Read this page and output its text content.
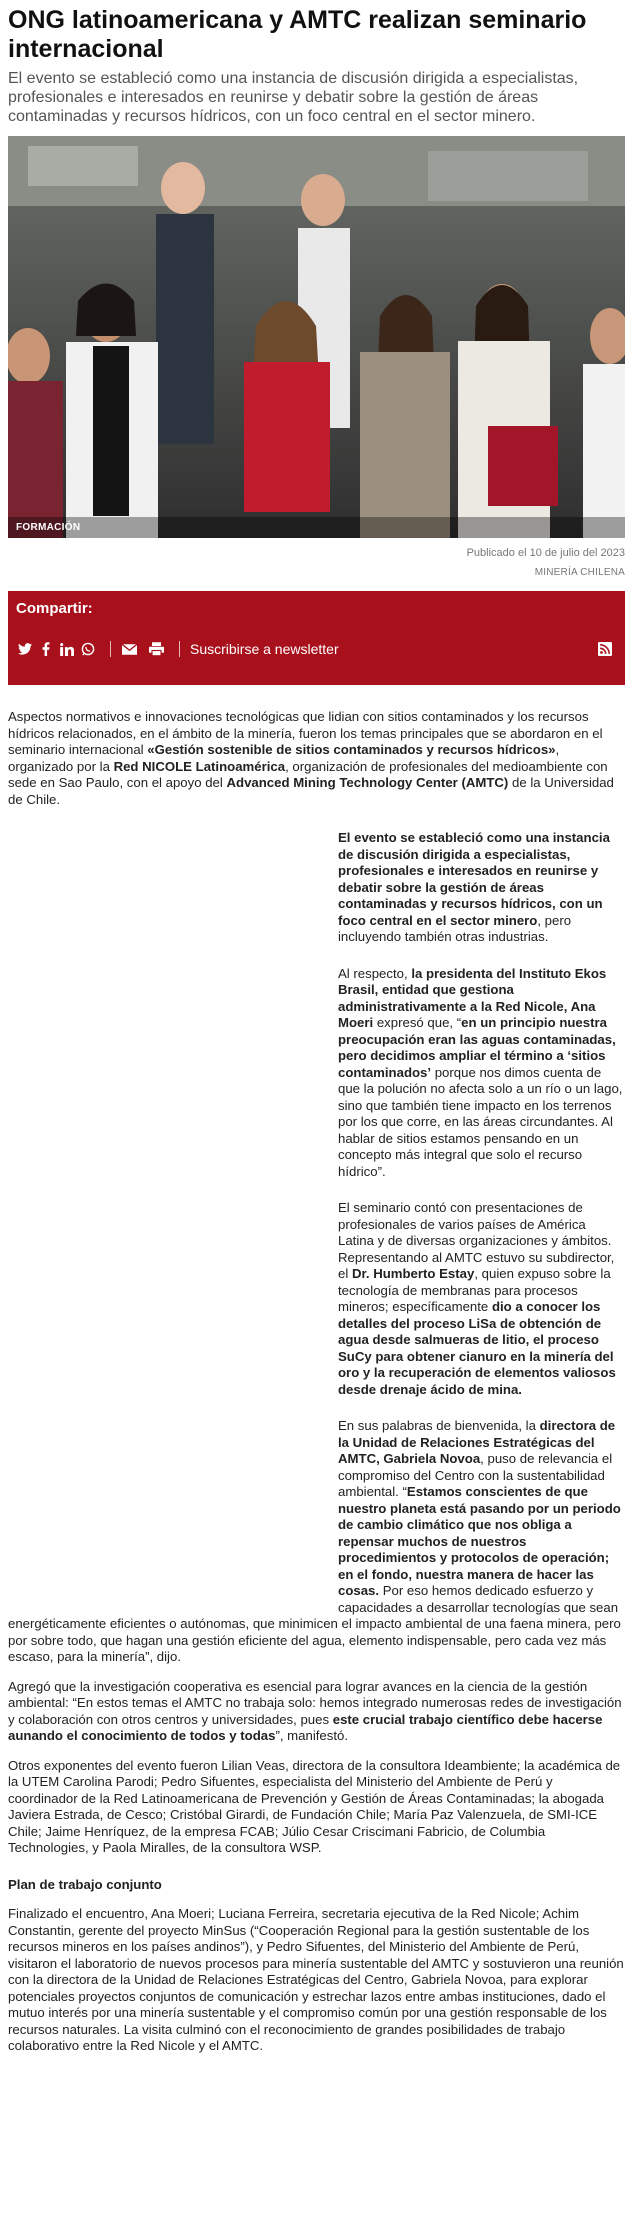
ONG latinoamericana y AMTC realizan seminario internacional
El evento se estableció como una instancia de discusión dirigida a especialistas, profesionales e interesados en reunirse y debatir sobre la gestión de áreas contaminadas y recursos hídricos, con un foco central en el sector minero.
FORMACIÓN
Publicado el 10 de julio del 2023
MINERÍA CHILENA
Compartir:
Suscribirse a newsletter

Aspectos normativos e innovaciones tecnológicas que lidian con sitios contaminados y los recursos hídricos relacionados, en el ámbito de la minería, fueron los temas principales que se abordaron en el seminario internacional «Gestión sostenible de sitios contaminados y recursos hídricos», organizado por la Red NICOLE Latinoamérica, organización de profesionales del medioambiente con sede en Sao Paulo, con el apoyo del Advanced Mining Technology Center (AMTC) de la Universidad de Chile.

El evento se estableció como una instancia de discusión dirigida a especialistas, profesionales e interesados en reunirse y debatir sobre la gestión de áreas contaminadas y recursos hídricos, con un foco central en el sector minero, pero incluyendo también otras industrias.

Al respecto, la presidenta del Instituto Ekos Brasil, entidad que gestiona administrativamente a la Red Nicole, Ana Moeri expresó que, “en un principio nuestra preocupación eran las aguas contaminadas, pero decidimos ampliar el término a ‘sitios contaminados’ porque nos dimos cuenta de que la polución no afecta solo a un río o un lago, sino que también tiene impacto en los terrenos por los que corre, en las áreas circundantes. Al hablar de sitios estamos pensando en un concepto más integral que solo el recurso hídrico”.

El seminario contó con presentaciones de profesionales de varios países de América Latina y de diversas organizaciones y ámbitos. Representando al AMTC estuvo su subdirector, el Dr. Humberto Estay, quien expuso sobre la tecnología de membranas para procesos mineros; específicamente dio a conocer los detalles del proceso LiSa de obtención de agua desde salmueras de litio, el proceso SuCy para obtener cianuro en la minería del oro y la recuperación de elementos valiosos desde drenaje ácido de mina.

En sus palabras de bienvenida, la directora de la Unidad de Relaciones Estratégicas del AMTC, Gabriela Novoa, puso de relevancia el compromiso del Centro con la sustentabilidad ambiental. “Estamos conscientes de que nuestro planeta está pasando por un periodo de cambio climático que nos obliga a repensar muchos de nuestros procedimientos y protocolos de operación; en el fondo, nuestra manera de hacer las cosas. Por eso hemos dedicado esfuerzo y capacidades a desarrollar tecnologías que sean

energéticamente eficientes o autónomas, que minimicen el impacto ambiental de una faena minera, pero por sobre todo, que hagan una gestión eficiente del agua, elemento indispensable, pero cada vez más escaso, para la minería”, dijo.

Agregó que la investigación cooperativa es esencial para lograr avances en la ciencia de la gestión ambiental: “En estos temas el AMTC no trabaja solo: hemos integrado numerosas redes de investigación y colaboración con otros centros y universidades, pues este crucial trabajo científico debe hacerse aunando el conocimiento de todos y todas”, manifestó.

Otros exponentes del evento fueron Lilian Veas, directora de la consultora Ideambiente; la académica de la UTEM Carolina Parodi; Pedro Sifuentes, especialista del Ministerio del Ambiente de Perú y coordinador de la Red Latinoamericana de Prevención y Gestión de Áreas Contaminadas; la abogada Javiera Estrada, de Cesco; Cristóbal Girardi, de Fundación Chile; María Paz Valenzuela, de SMI-ICE Chile; Jaime Henríquez, de la empresa FCAB; Júlio Cesar Criscimani Fabricio, de Columbia Technologies, y Paola Miralles, de la consultora WSP.

Plan de trabajo conjunto

Finalizado el encuentro, Ana Moeri; Luciana Ferreira, secretaria ejecutiva de la Red Nicole; Achim Constantin, gerente del proyecto MinSus (“Cooperación Regional para la gestión sustentable de los recursos mineros en los países andinos”), y Pedro Sifuentes, del Ministerio del Ambiente de Perú, visitaron el laboratorio de nuevos procesos para minería sustentable del AMTC y sostuvieron una reunión con la directora de la Unidad de Relaciones Estratégicas del Centro, Gabriela Novoa, para explorar potenciales proyectos conjuntos de comunicación y estrechar lazos entre ambas instituciones, dado el mutuo interés por una minería sustentable y el compromiso común por una gestión responsable de los recursos naturales. La visita culminó con el reconocimiento de grandes posibilidades de trabajo colaborativo entre la Red Nicole y el AMTC.
